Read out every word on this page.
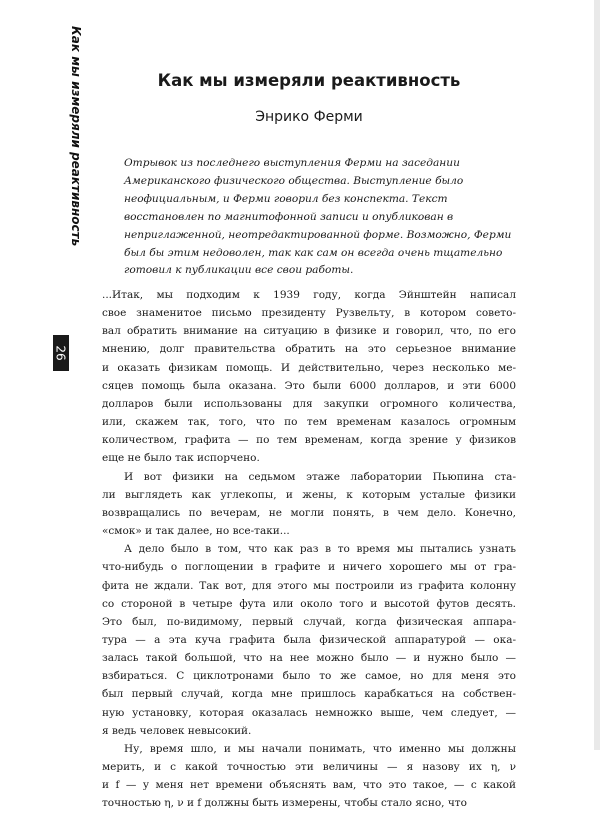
Как мы измеряли реактивность
26
Как мы измеряли реактивность
Энрико Ферми

Отрывок из последнего выступления Ферми на заседании Американского физического общества. Выступление было неофициальным, и Ферми говорил без конспекта. Текст восстановлен по магнитофонной записи и опубликован в неприглаженной, неотредактированной форме. Возможно, Ферми был бы этим недоволен, так как сам он всегда очень тщательно готовил к публикации все свои работы.

...Итак, мы подходим к 1939 году, когда Эйнштейн написал
свое знаменитое письмо президенту Рузвельту, в котором совето-
вал обратить внимание на ситуацию в физике и говорил, что, по его
мнению, долг правительства обратить на это серьезное внимание
и оказать физикам помощь. И действительно, через несколько ме-
сяцев помощь была оказана. Это были 6000 долларов, и эти 6000
долларов были использованы для закупки огромного количества,
или, скажем так, того, что по тем временам казалось огромным
количеством, графита — по тем временам, когда зрение у физиков
еще не было так испорчено.
И вот физики на седьмом этаже лаборатории Пьюпина ста-
ли выглядеть как углекопы, и жены, к которым усталые физики
возвращались по вечерам, не могли понять, в чем дело. Конечно,
«смок» и так далее, но все-таки...
А дело было в том, что как раз в то время мы пытались узнать
что-нибудь о поглощении в графите и ничего хорошего мы от гра-
фита не ждали. Так вот, для этого мы построили из графита колонну
со стороной в четыре фута или около того и высотой футов десять.
Это был, по-видимому, первый случай, когда физическая аппара-
тура — а эта куча графита была физической аппаратурой — ока-
залась такой большой, что на нее можно было — и нужно было —
взбираться. С циклотронами было то же самое, но для меня это
был первый случай, когда мне пришлось карабкаться на собствен-
ную установку, которая оказалась немножко выше, чем следует, —
я ведь человек невысокий.
Ну, время шло, и мы начали понимать, что именно мы должны
мерить, и с какой точностью эти величины — я назову их η, ν
и f — у меня нет времени объяснять вам, что это такое, — с какой
точностью η, ν и f должны быть измерены, чтобы стало ясно, что
